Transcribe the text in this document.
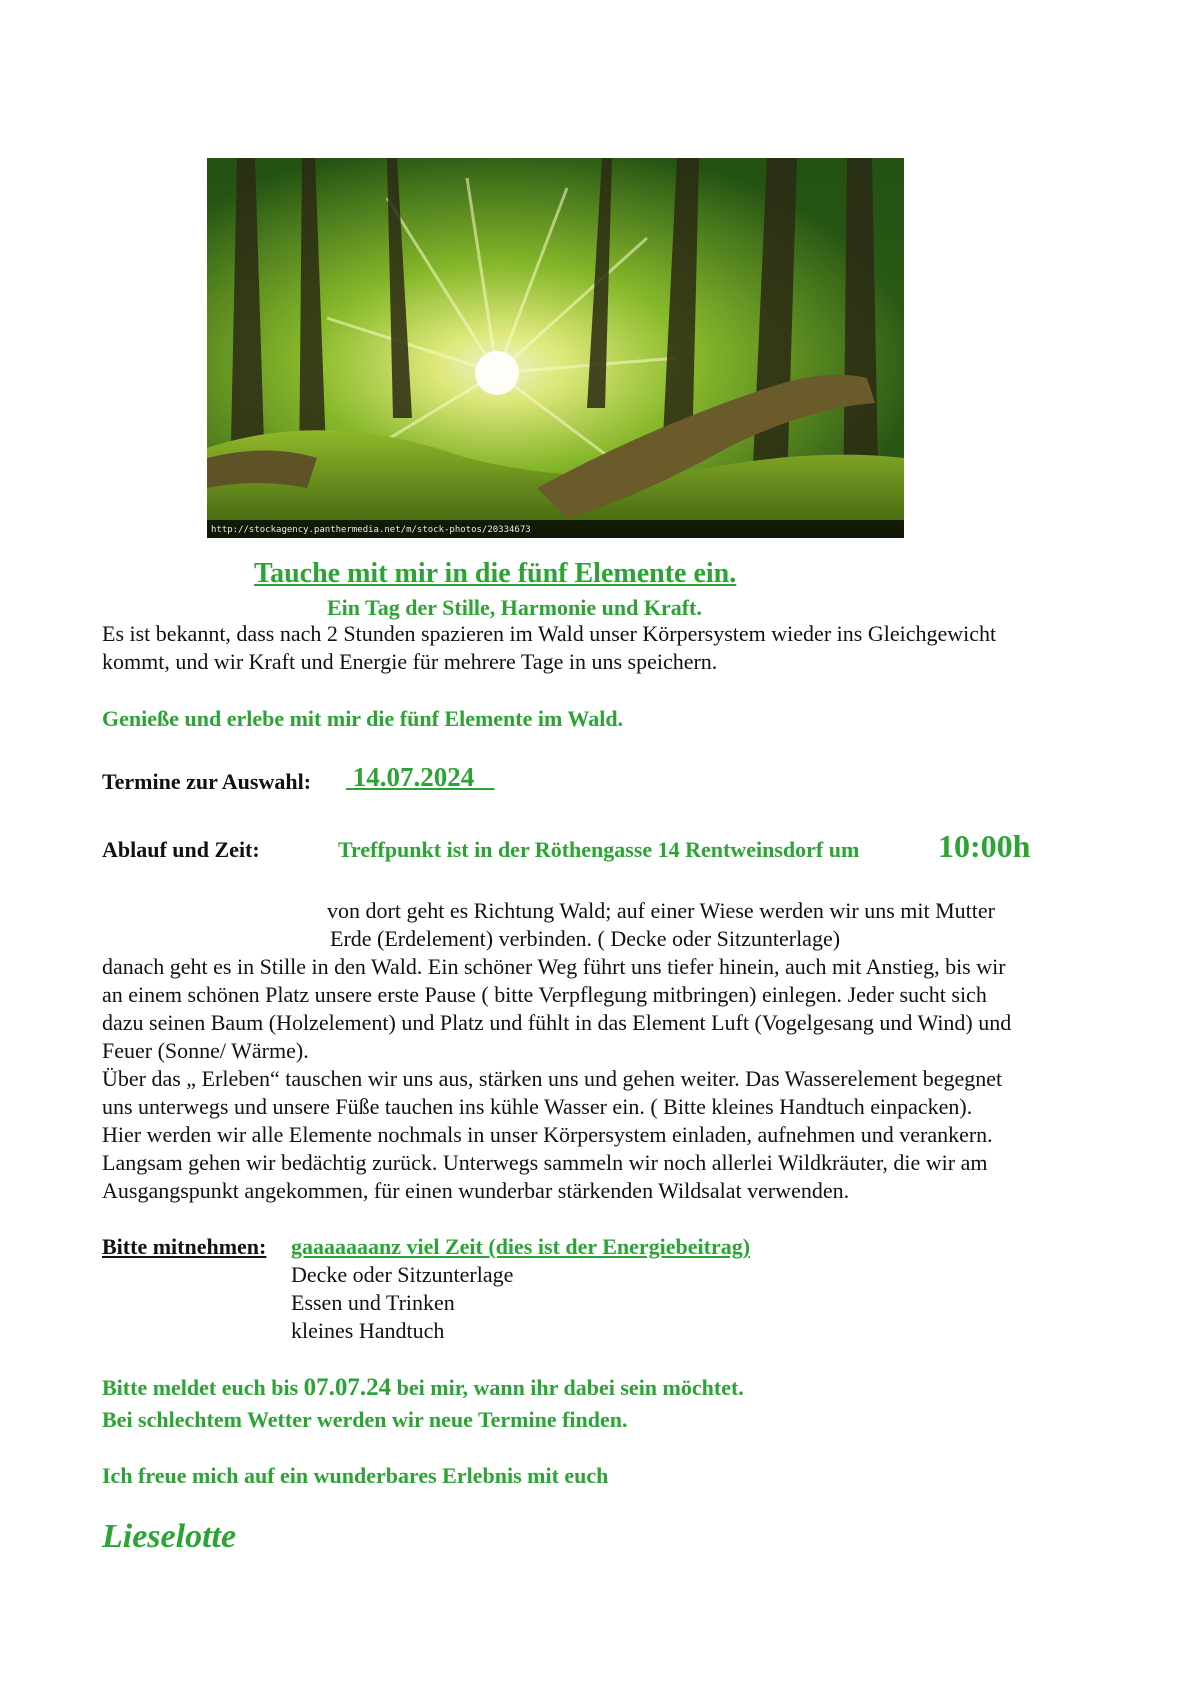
http://stockagency.panthermedia.net/m/stock-photos/20334673
Tauche mit mir in die fünf Elemente ein.
Ein Tag der Stille, Harmonie und Kraft.
Es ist bekannt, dass nach 2 Stunden spazieren im Wald unser Körpersystem wieder ins Gleichgewicht
kommt, und wir Kraft und Energie für mehrere Tage in uns speichern.
Genieße und erlebe mit mir die fünf Elemente im Wald.
Termine zur Auswahl: 14.07.2024
Ablauf und Zeit:	Treffpunkt ist in der Röthengasse 14 Rentweinsdorf um 10:00h
von dort geht es Richtung Wald; auf einer Wiese werden wir uns mit Mutter
Erde (Erdelement) verbinden. ( Decke oder Sitzunterlage)
danach geht es in Stille in den Wald. Ein schöner Weg führt uns tiefer hinein, auch mit Anstieg, bis wir
an einem schönen Platz unsere erste Pause ( bitte Verpflegung mitbringen) einlegen. Jeder sucht sich
dazu seinen Baum (Holzelement) und Platz und fühlt in das Element Luft (Vogelgesang und Wind) und
Feuer (Sonne/ Wärme).
Über das „ Erleben“ tauschen wir uns aus, stärken uns und gehen weiter. Das Wasserelement begegnet
uns unterwegs und unsere Füße tauchen ins kühle Wasser ein. ( Bitte kleines Handtuch einpacken).
Hier werden wir alle Elemente nochmals in unser Körpersystem einladen, aufnehmen und verankern.
Langsam gehen wir bedächtig zurück. Unterwegs sammeln wir noch allerlei Wildkräuter, die wir am
Ausgangspunkt angekommen, für einen wunderbar stärkenden Wildsalat verwenden.
Bitte mitnehmen: gaaaaaaanz viel Zeit (dies ist der Energiebeitrag)
Decke oder Sitzunterlage
Essen und Trinken
kleines Handtuch
Bitte meldet euch bis 07.07.24 bei mir, wann ihr dabei sein möchtet.
Bei schlechtem Wetter werden wir neue Termine finden.
Ich freue mich auf ein wunderbares Erlebnis mit euch
Lieselotte
